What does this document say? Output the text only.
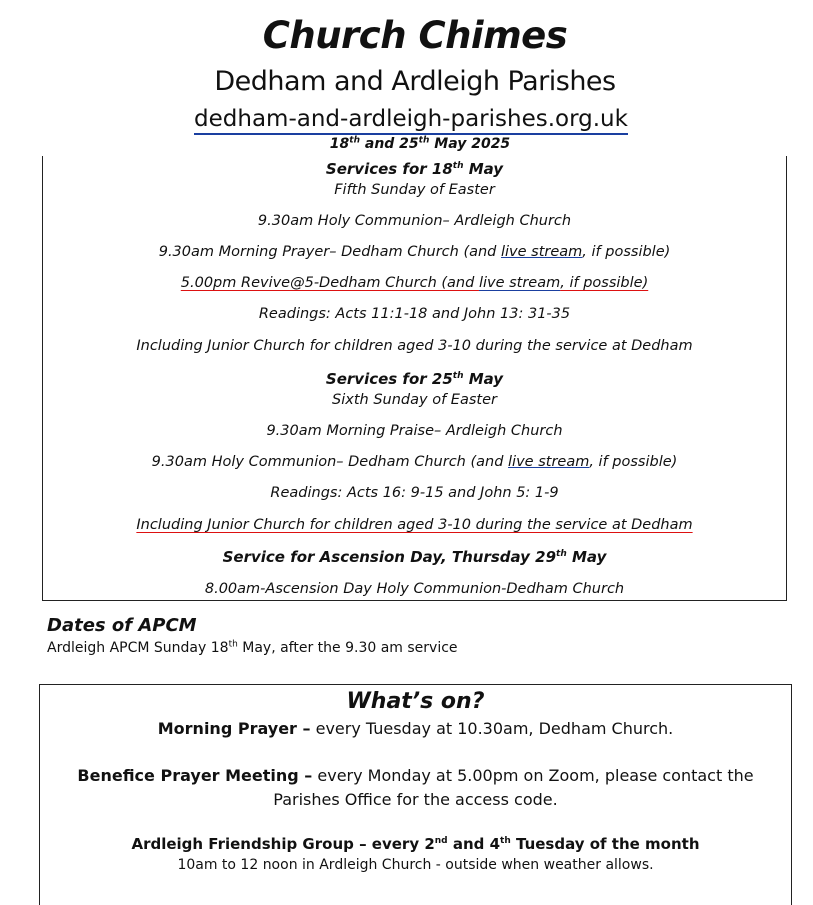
Church Chimes
Dedham and Ardleigh Parishes
dedham-and-ardleigh-parishes.org.uk
18th and 25th May 2025
Services for 18th May
Fifth Sunday of Easter
9.30am Holy Communion– Ardleigh Church
9.30am Morning Prayer– Dedham Church (and live stream, if possible)
5.00pm Revive@5-Dedham Church (and live stream, if possible)
Readings: Acts 11:1-18 and John 13: 31-35
Including Junior Church for children aged 3-10 during the service at Dedham
Services for 25th May
Sixth Sunday of Easter
9.30am Morning Praise– Ardleigh Church
9.30am Holy Communion– Dedham Church (and live stream, if possible)
Readings: Acts 16: 9-15 and John 5: 1-9
Including Junior Church for children aged 3-10 during the service at Dedham
Service for Ascension Day, Thursday 29th May
8.00am-Ascension Day Holy Communion-Dedham Church
Dates of APCM
Ardleigh APCM Sunday 18th May, after the 9.30 am service
What’s on?
Morning Prayer – every Tuesday at 10.30am, Dedham Church.
Benefice Prayer Meeting – every Monday at 5.00pm on Zoom, please contact the
Parishes Office for the access code.
Ardleigh Friendship Group – every 2nd and 4th Tuesday of the month
10am to 12 noon in Ardleigh Church - outside when weather allows.
